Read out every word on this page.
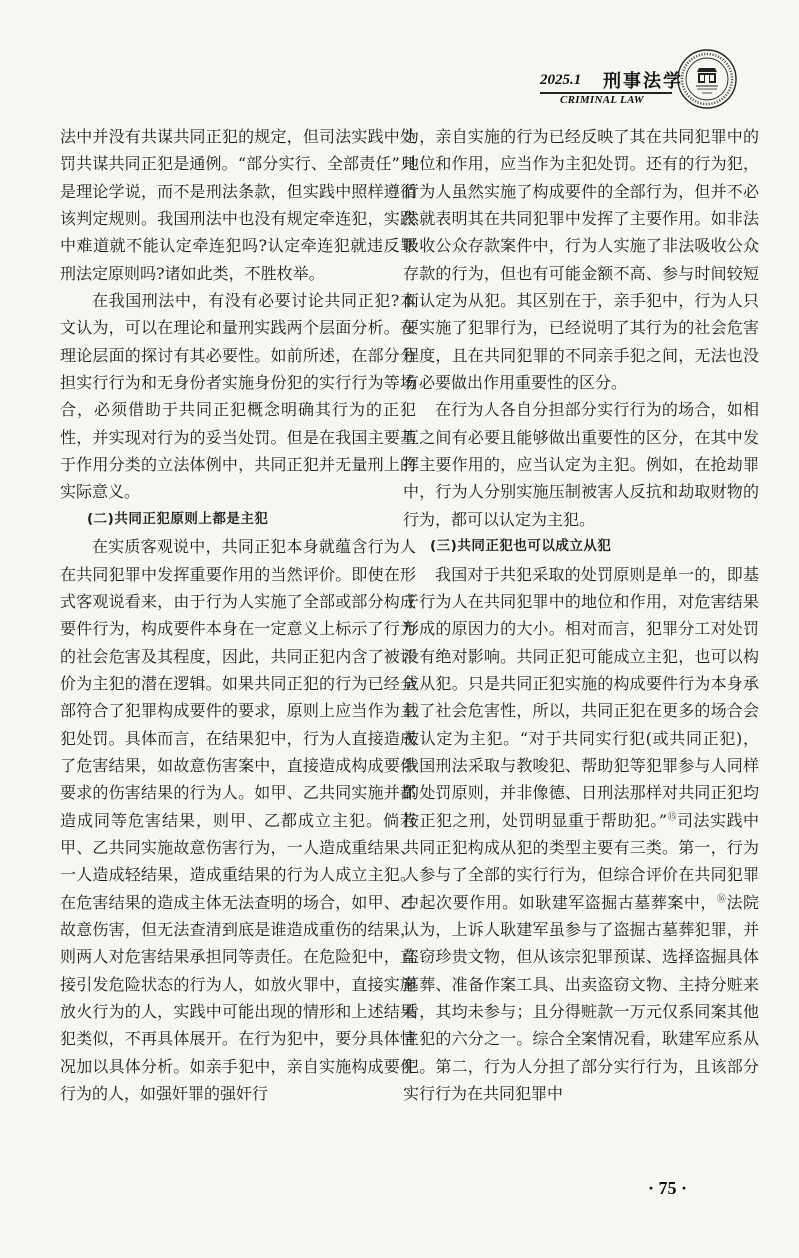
2025.1 刑事法学
CRIMINAL LAW

法中并没有共谋共同正犯的规定，但司法实践中处罚共谋共同正犯是通例。“部分实行、全部责任”只是理论学说，而不是刑法条款，但实践中照样遵循该判定规则。我国刑法中也没有规定牵连犯，实践中难道就不能认定牵连犯吗?认定牵连犯就违反罪刑法定原则吗?诸如此类，不胜枚举。

在我国刑法中，有没有必要讨论共同正犯?本文认为，可以在理论和量刑实践两个层面分析。在理论层面的探讨有其必要性。如前所述，在部分分担实行行为和无身份者实施身份犯的实行行为等场合，必须借助于共同正犯概念明确其行为的正犯性，并实现对行为的妥当处罚。但是在我国主要基于作用分类的立法体例中，共同正犯并无量刑上的实际意义。

(二)共同正犯原则上都是主犯

在实质客观说中，共同正犯本身就蕴含行为人在共同犯罪中发挥重要作用的当然评价。即使在形式客观说看来，由于行为人实施了全部或部分构成要件行为，构成要件本身在一定意义上标示了行为的社会危害及其程度，因此，共同正犯内含了被评价为主犯的潜在逻辑。如果共同正犯的行为已经全部符合了犯罪构成要件的要求，原则上应当作为主犯处罚。具体而言，在结果犯中，行为人直接造成了危害结果，如故意伤害案中，直接造成构成要件要求的伤害结果的行为人。如甲、乙共同实施并都造成同等危害结果，则甲、乙都成立主犯。倘若甲、乙共同实施故意伤害行为，一人造成重结果、一人造成轻结果，造成重结果的行为人成立主犯。在危害结果的造成主体无法查明的场合，如甲、乙故意伤害，但无法查清到底是谁造成重伤的结果，则两人对危害结果承担同等责任。在危险犯中，直接引发危险状态的行为人，如放火罪中，直接实施放火行为的人，实践中可能出现的情形和上述结果犯类似，不再具体展开。在行为犯中，要分具体情况加以具体分析。如亲手犯中，亲自实施构成要件行为的人，如强奸罪的强奸行

为，亲自实施的行为已经反映了其在共同犯罪中的地位和作用，应当作为主犯处罚。还有的行为犯，行为人虽然实施了构成要件的全部行为，但并不必然就表明其在共同犯罪中发挥了主要作用。如非法吸收公众存款案件中，行为人实施了非法吸收公众存款的行为，但也有可能金额不高、参与时间较短而认定为从犯。其区别在于，亲手犯中，行为人只要实施了犯罪行为，已经说明了其行为的社会危害程度，且在共同犯罪的不同亲手犯之间，无法也没有必要做出作用重要性的区分。

在行为人各自分担部分实行行为的场合，如相互之间有必要且能够做出重要性的区分，在其中发挥主要作用的，应当认定为主犯。例如，在抢劫罪中，行为人分别实施压制被害人反抗和劫取财物的行为，都可以认定为主犯。

(三)共同正犯也可以成立从犯

我国对于共犯采取的处罚原则是单一的，即基于行为人在共同犯罪中的地位和作用，对危害结果形成的原因力的大小。相对而言，犯罪分工对处罚没有绝对影响。共同正犯可能成立主犯，也可以构成从犯。只是共同正犯实施的构成要件行为本身承载了社会危害性，所以，共同正犯在更多的场合会被认定为主犯。“对于共同实行犯(或共同正犯)，我国刑法采取与教唆犯、帮助犯等犯罪参与人同样的处罚原则，并非像德、日刑法那样对共同正犯均按正犯之刑，处罚明显重于帮助犯。”⑮司法实践中共同正犯构成从犯的类型主要有三类。第一，行为人参与了全部的实行行为，但综合评价在共同犯罪中起次要作用。如耿建军盗掘古墓葬案中，⑯法院认为，上诉人耿建军虽参与了盗掘古墓葬犯罪，并盗窃珍贵文物，但从该宗犯罪预谋、选择盗掘具体墓葬、准备作案工具、出卖盗窃文物、主持分赃来看，其均未参与；且分得赃款一万元仅系同案其他主犯的六分之一。综合全案情况看，耿建军应系从犯。第二，行为人分担了部分实行行为，且该部分实行行为在共同犯罪中

· 75 ·
